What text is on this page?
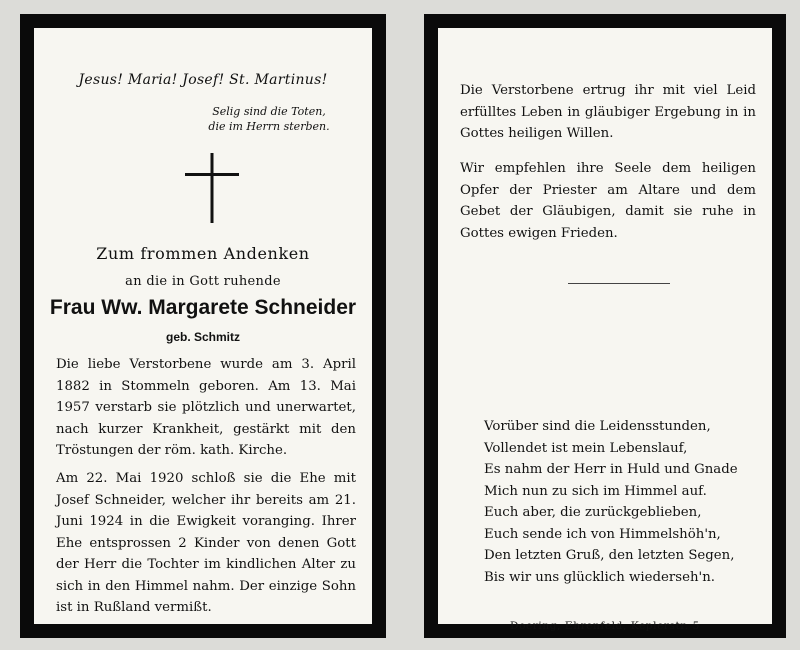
Jesus! Maria! Josef! St. Martinus!
Selig sind die Toten,
die im Herrn sterben.
Zum frommen Andenken
an die in Gott ruhende
Frau Ww. Margarete Schneider
geb. Schmitz
Die liebe Verstorbene wurde am 3. April 1882 in Stommeln geboren. Am 13. Mai 1957 verstarb sie plötzlich und unerwartet, nach kurzer Krankheit, gestärkt mit den Tröstungen der röm. kath. Kirche.
Am 22. Mai 1920 schloß sie die Ehe mit Josef Schneider, welcher ihr bereits am 21. Juni 1924 in die Ewigkeit voranging. Ihrer Ehe entsprossen 2 Kinder von denen Gott der Herr die Tochter im kindlichen Alter zu sich in den Himmel nahm. Der einzige Sohn ist in Rußland vermißt.
Die Verstorbene ertrug ihr mit viel Leid erfülltes Leben in gläubiger Ergebung in in Gottes heiligen Willen.
Wir empfehlen ihre Seele dem heiligen Opfer der Priester am Altare und dem Gebet der Gläubigen, damit sie ruhe in Gottes ewigen Frieden.
Vorüber sind die Leidensstunden,
Vollendet ist mein Lebenslauf,
Es nahm der Herr in Huld und Gnade
Mich nun zu sich im Himmel auf.
Euch aber, die zurückgeblieben,
Euch sende ich von Himmelshöh'n,
Den letzten Gruß, den letzten Segen,
Bis wir uns glücklich wiederseh'n.
Doering, Ehrenfeld, Keplerstr. 5
